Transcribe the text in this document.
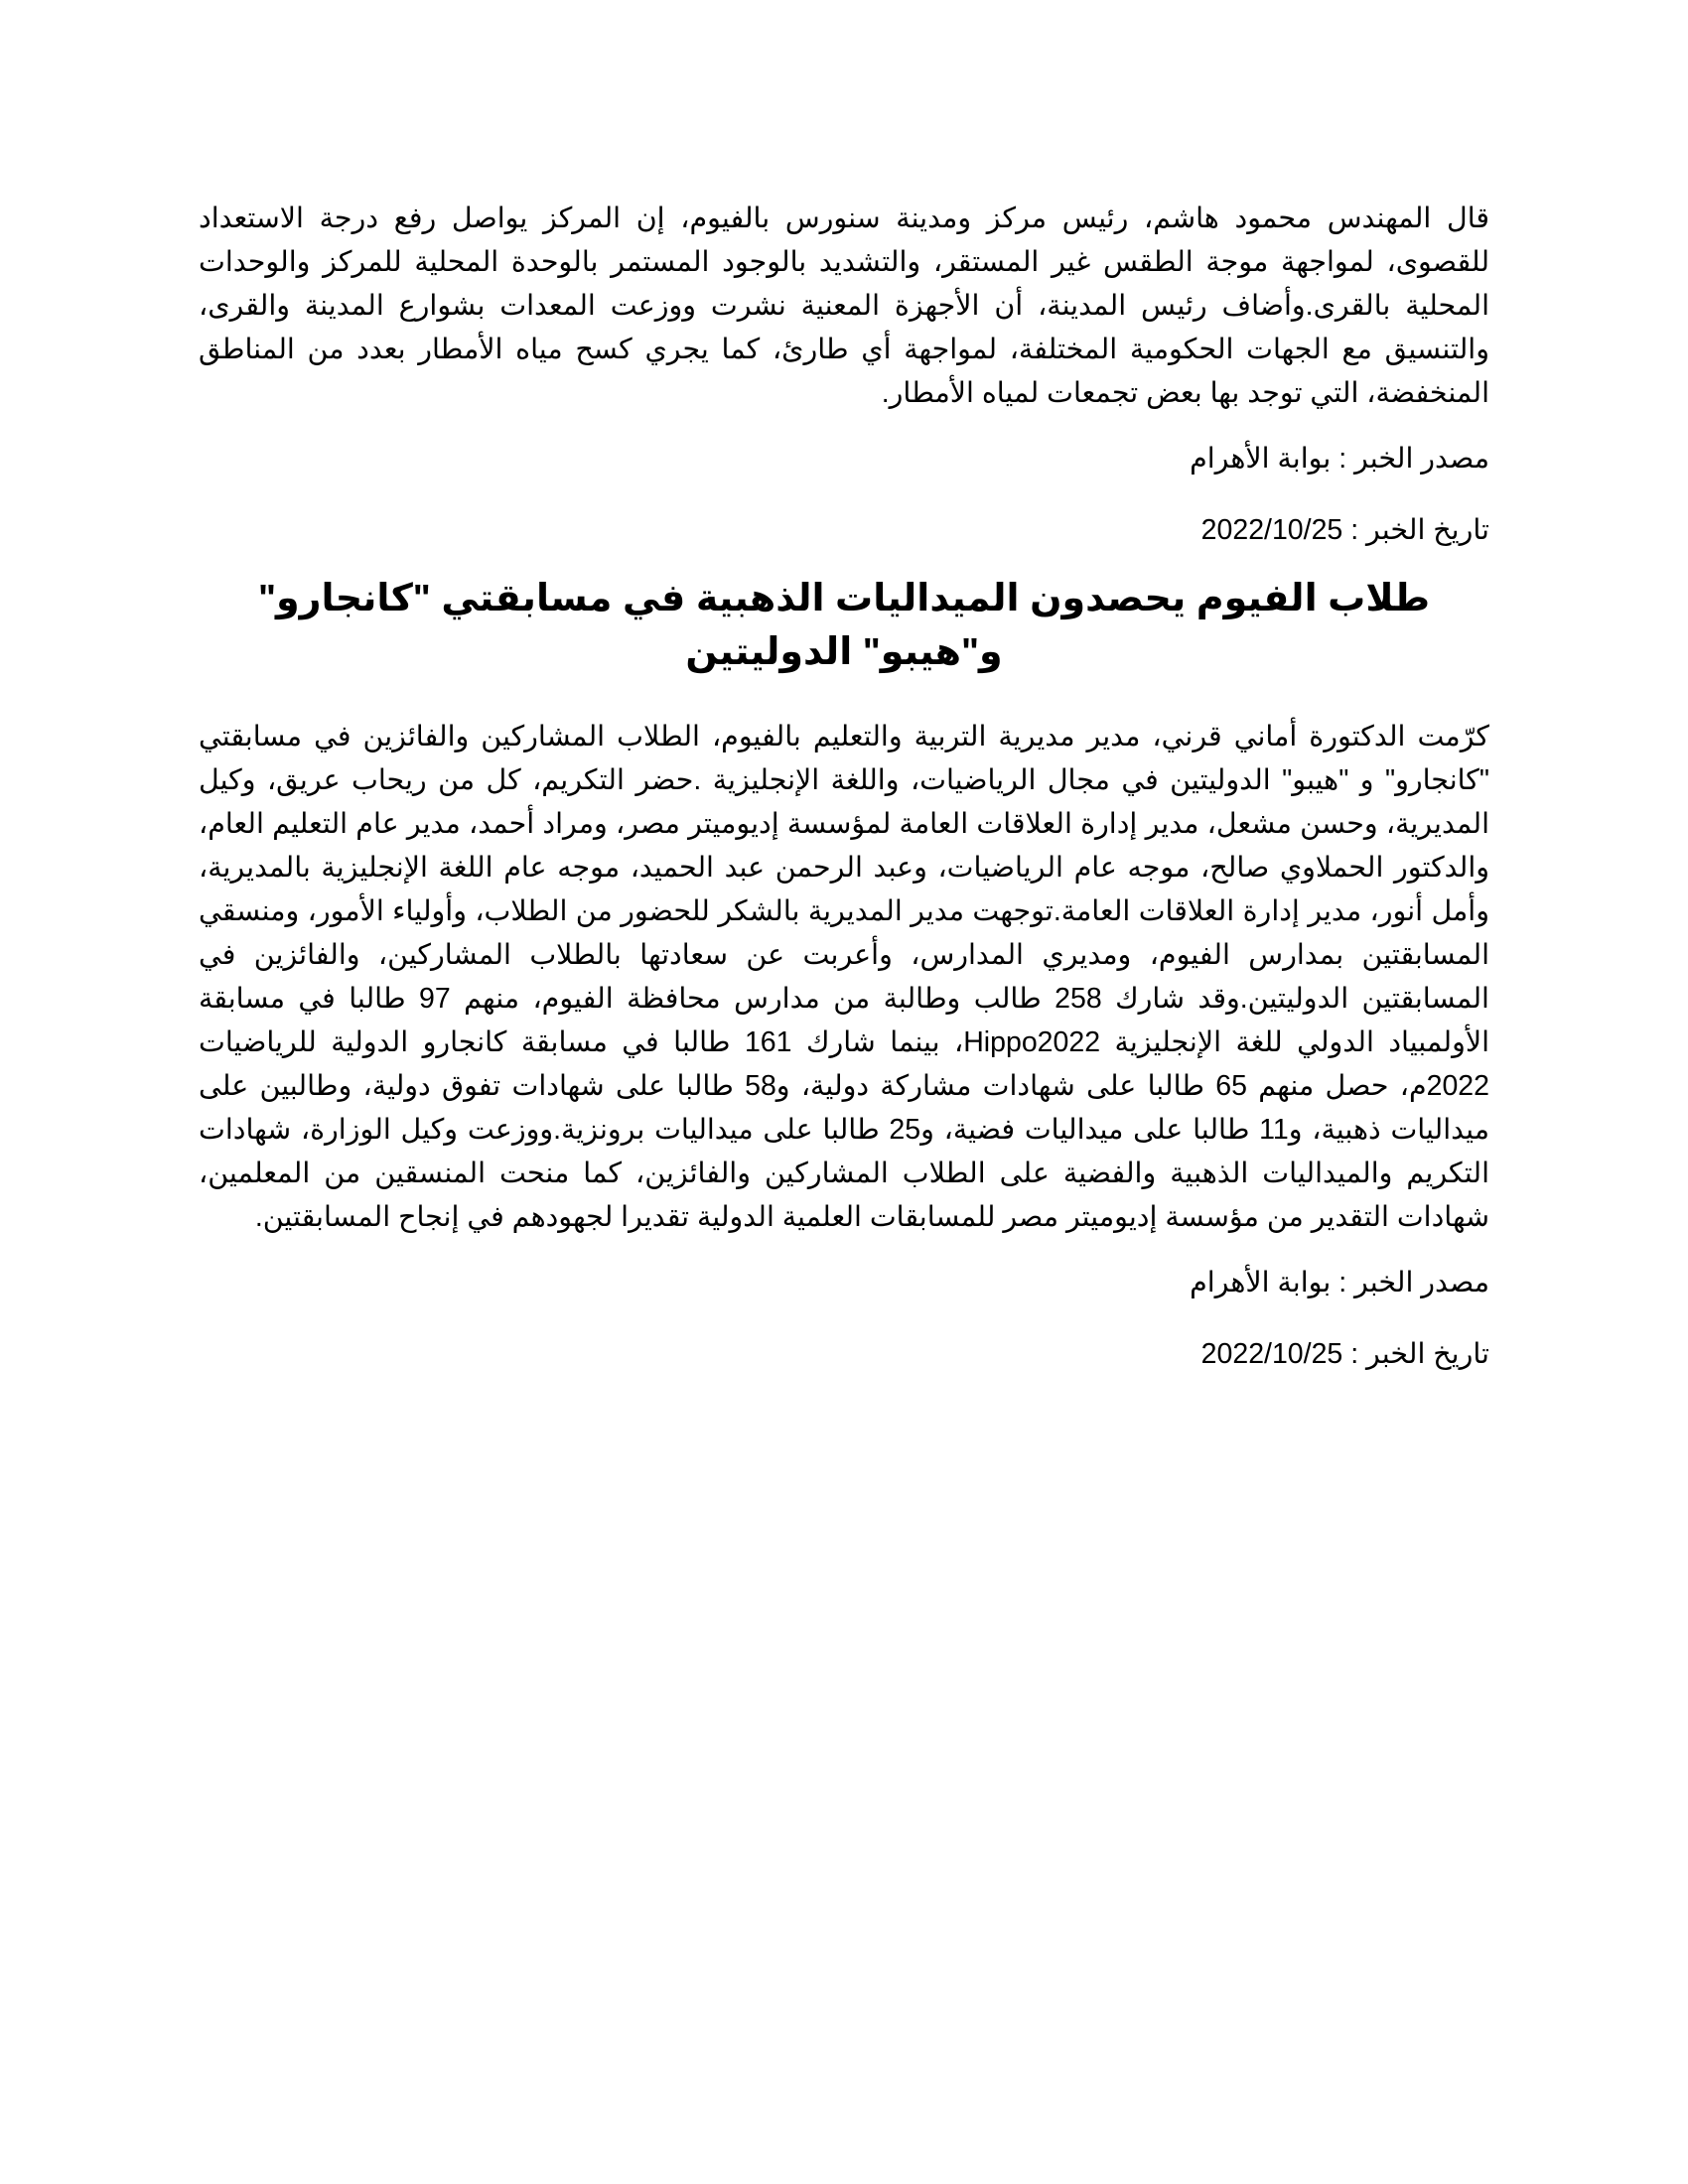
قال المهندس محمود هاشم، رئيس مركز ومدينة سنورس بالفيوم، إن المركز يواصل رفع درجة الاستعداد للقصوى، لمواجهة موجة الطقس غير المستقر، والتشديد بالوجود المستمر بالوحدة المحلية للمركز والوحدات المحلية بالقرى.وأضاف رئيس المدينة، أن الأجهزة المعنية نشرت ووزعت المعدات بشوارع المدينة والقرى، والتنسيق مع الجهات الحكومية المختلفة، لمواجهة أي طارئ، كما يجري كسح مياه الأمطار بعدد من المناطق المنخفضة، التي توجد بها بعض تجمعات لمياه الأمطار.

مصدر الخبر : بوابة الأهرام

تاريخ الخبر : 2022/10/25

طلاب الفيوم يحصدون الميداليات الذهبية في مسابقتي "كانجارو" و"هيبو" الدوليتين

كرّمت الدكتورة أماني قرني، مدير مديرية التربية والتعليم بالفيوم، الطلاب المشاركين والفائزين في مسابقتي "كانجارو" و "هيبو" الدوليتين في مجال الرياضيات، واللغة الإنجليزية .حضر التكريم، كل من ريحاب عريق، وكيل المديرية، وحسن مشعل، مدير إدارة العلاقات العامة لمؤسسة إديوميتر مصر، ومراد أحمد، مدير عام التعليم العام، والدكتور الحملاوي صالح، موجه عام الرياضيات، وعبد الرحمن عبد الحميد، موجه عام اللغة الإنجليزية بالمديرية، وأمل أنور، مدير إدارة العلاقات العامة.توجهت مدير المديرية بالشكر للحضور من الطلاب، وأولياء الأمور، ومنسقي المسابقتين بمدارس الفيوم، ومديري المدارس، وأعربت عن سعادتها بالطلاب المشاركين، والفائزين في المسابقتين الدوليتين.وقد شارك 258 طالب وطالبة من مدارس محافظة الفيوم، منهم 97 طالبا في مسابقة الأولمبياد الدولي للغة الإنجليزية Hippo2022، بينما شارك 161 طالبا في مسابقة كانجارو الدولية للرياضيات 2022م، حصل منهم 65 طالبا على شهادات مشاركة دولية، و58 طالبا على شهادات تفوق دولية، وطالبين على ميداليات ذهبية، و11 طالبا على ميداليات فضية، و25 طالبا على ميداليات برونزية.ووزعت وكيل الوزارة، شهادات التكريم والميداليات الذهبية والفضية على الطلاب المشاركين والفائزين، كما منحت المنسقين من المعلمين، شهادات التقدير من مؤسسة إديوميتر مصر للمسابقات العلمية الدولية تقديرا لجهودهم في إنجاح المسابقتين.

مصدر الخبر : بوابة الأهرام

تاريخ الخبر : 2022/10/25
